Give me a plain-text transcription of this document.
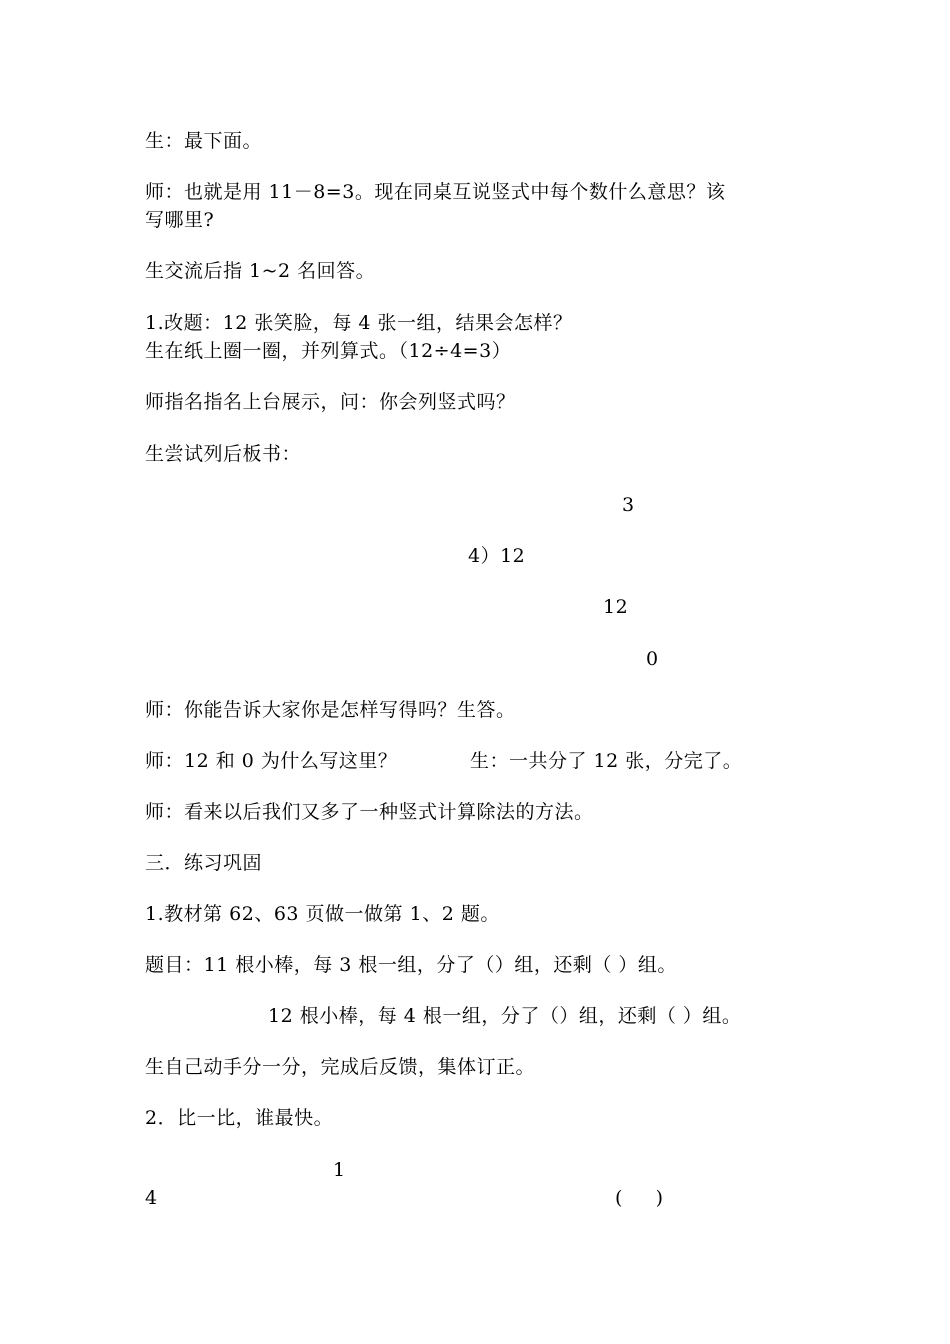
生：最下面。
师：也就是用 11－8=3。现在同桌互说竖式中每个数什么意思？该
写哪里?
生交流后指 1~2 名回答。
1.改题：12 张笑脸，每 4 张一组，结果会怎样？
生在纸上圈一圈，并列算式。（12÷4=3）
师指名指名上台展示，问：你会列竖式吗？
生尝试列后板书：
3
4）12
12
0
师：你能告诉大家你是怎样写得吗？生答。
师：12 和 0 为什么写这里？	生：一共分了 12 张，分完了。
师：看来以后我们又多了一种竖式计算除法的方法。
三．练习巩固
1.教材第 62、63 页做一做第 1、2 题。
题目：11 根小棒，每 3 根一组，分了（）组，还剩（ ）组。
12 根小棒，每 4 根一组，分了（）组，还剩（ ）组。
生自己动手分一分，完成后反馈，集体订正。
2．比一比，谁最快。
1
4	(     )
